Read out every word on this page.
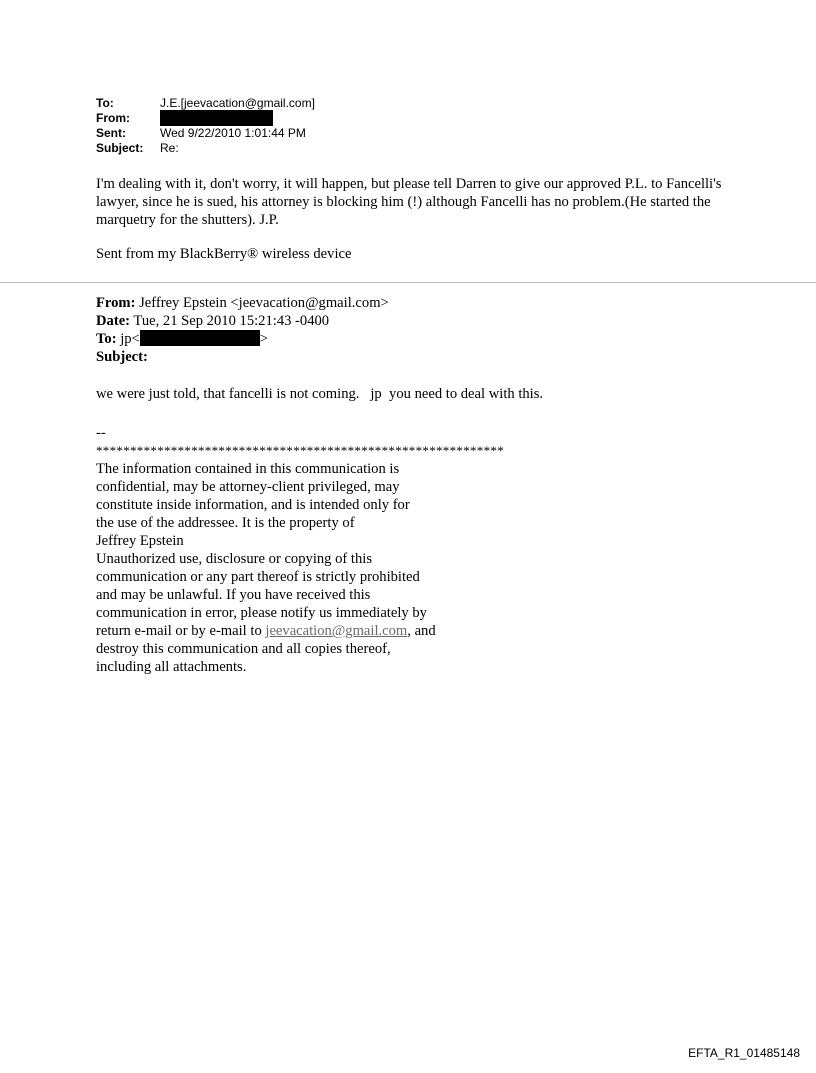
To:	J.E.[jeevacation@gmail.com]
From:
Sent:	Wed 9/22/2010 1:01:44 PM
Subject:	Re:

I'm dealing with it, don't worry, it will happen, but please tell Darren to give our approved P.L. to Fancelli's lawyer, since he is sued, his attorney is blocking him (!) although Fancelli has no problem.(He started the marquetry for the shutters). J.P.

Sent from my BlackBerry® wireless device

From: Jeffrey Epstein <jeevacation@gmail.com>
Date: Tue, 21 Sep 2010 15:21:43 -0400
To: jp<	>
Subject:

we were just told, that fancelli is not coming.   jp  you need to deal with this.

--
************************************************************
The information contained in this communication is
confidential, may be attorney-client privileged, may
constitute inside information, and is intended only for
the use of the addressee. It is the property of
Jeffrey Epstein
Unauthorized use, disclosure or copying of this
communication or any part thereof is strictly prohibited
and may be unlawful. If you have received this
communication in error, please notify us immediately by
return e-mail or by e-mail to jeevacation@gmail.com, and
destroy this communication and all copies thereof,
including all attachments.
EFTA_R1_01485148
